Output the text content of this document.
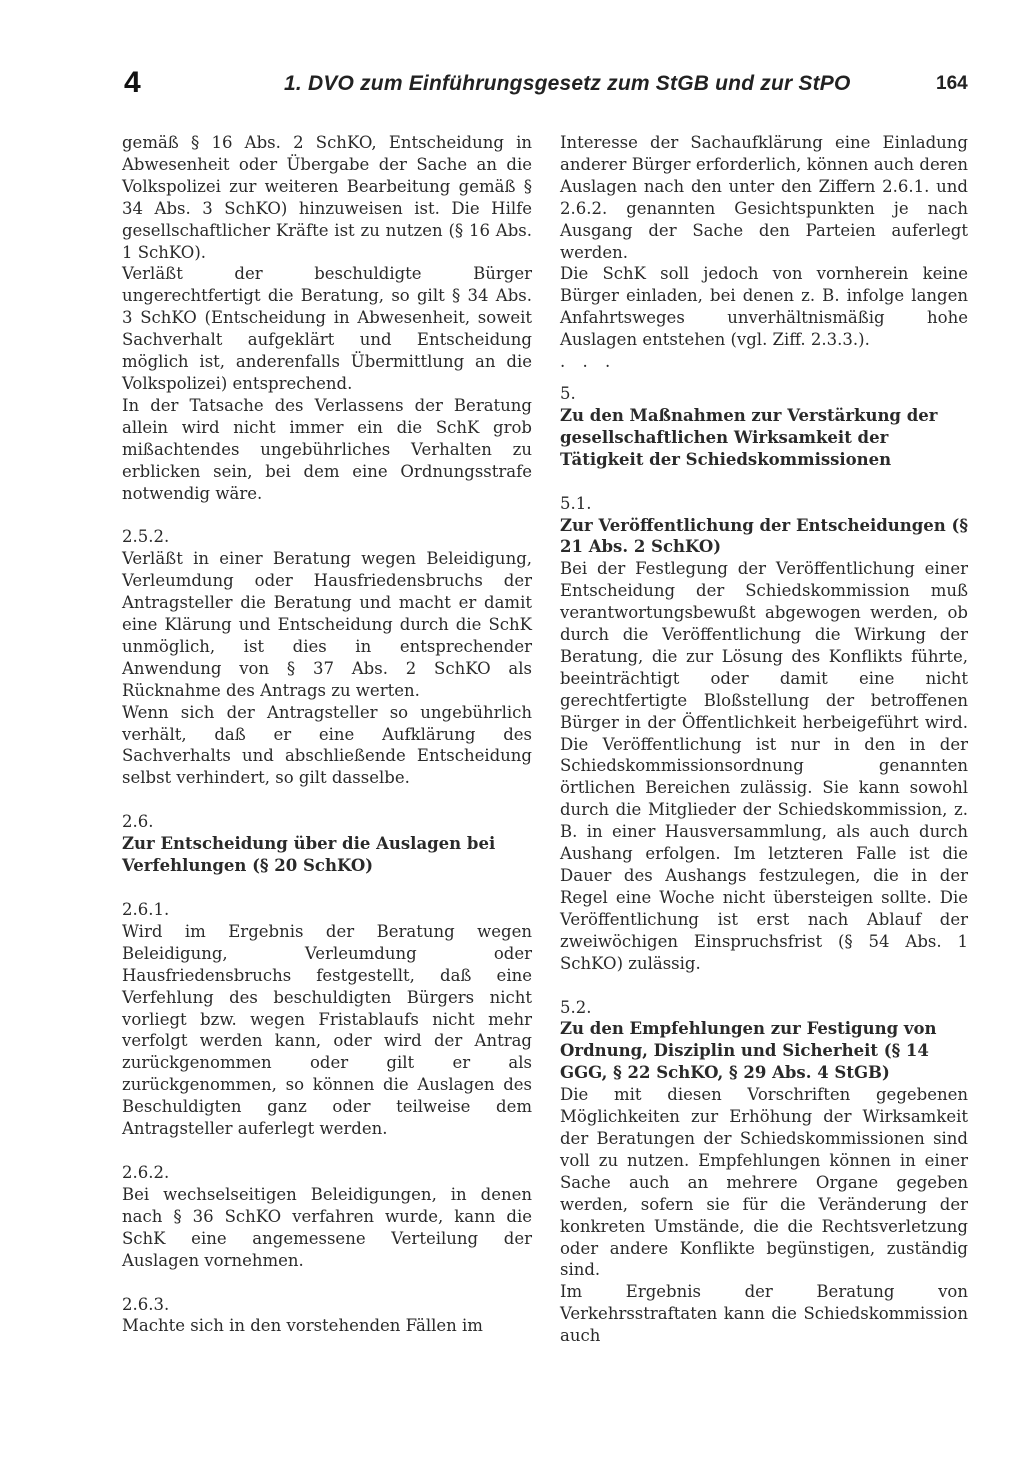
4	1. DVO zum Einführungsgesetz zum StGB und zur StPO	164

gemäß § 16 Abs. 2 SchKO, Entscheidung in Abwesenheit oder Übergabe der Sache an die Volkspolizei zur weiteren Bearbeitung gemäß § 34 Abs. 3 SchKO) hinzuweisen ist. Die Hilfe gesellschaftlicher Kräfte ist zu nutzen (§ 16 Abs. 1 SchKO).

Verläßt der beschuldigte Bürger ungerechtfertigt die Beratung, so gilt § 34 Abs. 3 SchKO (Entscheidung in Abwesenheit, soweit Sachverhalt aufgeklärt und Entscheidung möglich ist, anderenfalls Übermittlung an die Volkspolizei) entsprechend.

In der Tatsache des Verlassens der Beratung allein wird nicht immer ein die SchK grob mißachtendes ungebührliches Verhalten zu erblicken sein, bei dem eine Ordnungsstrafe notwendig wäre.

2.5.2.

Verläßt in einer Beratung wegen Beleidigung, Verleumdung oder Hausfriedensbruchs der Antragsteller die Beratung und macht er damit eine Klärung und Entscheidung durch die SchK unmöglich, ist dies in entsprechender Anwendung von § 37 Abs. 2 SchKO als Rücknahme des Antrags zu werten.

Wenn sich der Antragsteller so ungebührlich verhält, daß er eine Aufklärung des Sachverhalts und abschließende Entscheidung selbst verhindert, so gilt dasselbe.

2.6.
Zur Entscheidung über die Auslagen bei Verfehlungen (§ 20 SchKO)
2.6.1.

Wird im Ergebnis der Beratung wegen Beleidigung, Verleumdung oder Hausfriedensbruchs festgestellt, daß eine Verfehlung des beschuldigten Bürgers nicht vorliegt bzw. wegen Fristablaufs nicht mehr verfolgt werden kann, oder wird der Antrag zurückgenommen oder gilt er als zurückgenommen, so können die Auslagen des Beschuldigten ganz oder teilweise dem Antragsteller auferlegt werden.

2.6.2.

Bei wechselseitigen Beleidigungen, in denen nach § 36 SchKO verfahren wurde, kann die SchK eine angemessene Verteilung der Auslagen vornehmen.

2.6.3.

Machte sich in den vorstehenden Fällen im

Interesse der Sachaufklärung eine Einladung anderer Bürger erforderlich, können auch deren Auslagen nach den unter den Ziffern 2.6.1. und 2.6.2. genannten Gesichtspunkten je nach Ausgang der Sache den Parteien auferlegt werden.

Die SchK soll jedoch von vornherein keine Bürger einladen, bei denen z. B. infolge langen Anfahrtsweges unverhältnismäßig hohe Auslagen entstehen (vgl. Ziff. 2.3.3.).

. . .
5.
Zu den Maßnahmen zur Verstärkung der gesellschaftlichen Wirksamkeit der Tätigkeit der Schiedskommissionen
5.1.
Zur Veröffentlichung der Entscheidungen (§ 21 Abs. 2 SchKO)

Bei der Festlegung der Veröffentlichung einer Entscheidung der Schiedskommission muß verantwortungsbewußt abgewogen werden, ob durch die Veröffentlichung die Wirkung der Beratung, die zur Lösung des Konflikts führte, beeinträchtigt oder damit eine nicht gerechtfertigte Bloßstellung der betroffenen Bürger in der Öffentlichkeit herbeigeführt wird. Die Veröffentlichung ist nur in den in der Schiedskommissionsordnung genannten örtlichen Bereichen zulässig. Sie kann sowohl durch die Mitglieder der Schiedskommission, z. B. in einer Hausversammlung, als auch durch Aushang erfolgen. Im letzteren Falle ist die Dauer des Aushangs festzulegen, die in der Regel eine Woche nicht übersteigen sollte. Die Veröffentlichung ist erst nach Ablauf der zweiwöchigen Einspruchsfrist (§ 54 Abs. 1 SchKO) zulässig.

5.2.
Zu den Empfehlungen zur Festigung von Ordnung, Disziplin und Sicherheit (§ 14 GGG, § 22 SchKO, § 29 Abs. 4 StGB)

Die mit diesen Vorschriften gegebenen Möglichkeiten zur Erhöhung der Wirksamkeit der Beratungen der Schiedskommissionen sind voll zu nutzen. Empfehlungen können in einer Sache auch an mehrere Organe gegeben werden, sofern sie für die Veränderung der konkreten Umstände, die die Rechtsverletzung oder andere Konflikte begünstigen, zuständig sind.

Im Ergebnis der Beratung von Verkehrsstraftaten kann die Schiedskommission auch
